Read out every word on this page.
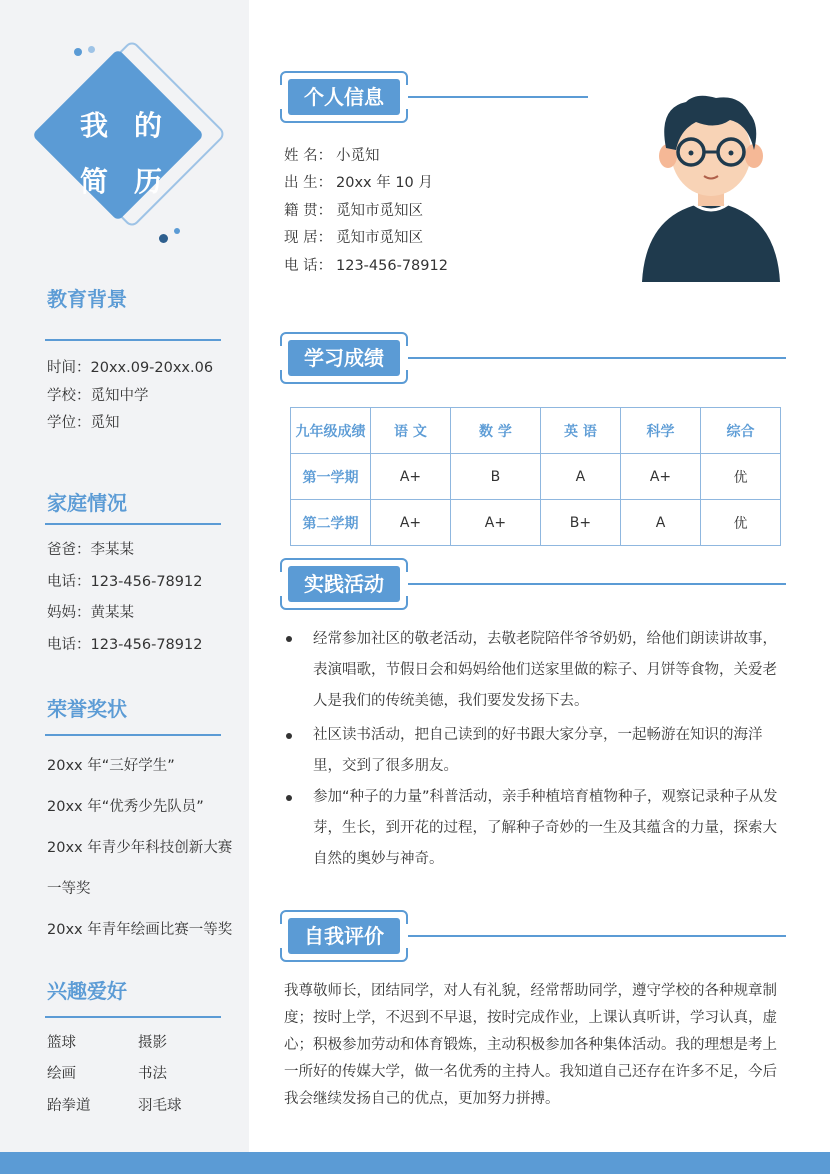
我 的
简 历
教育背景
时间：20xx.09-20xx.06
学校：觅知中学
学位：觅知
家庭情况
爸爸：李某某
电话：123-456-78912
妈妈：黄某某
电话：123-456-78912
荣誉奖状
20xx 年“三好学生”
20xx 年“优秀少先队员”
20xx 年青少年科技创新大赛
一等奖
20xx 年青年绘画比赛一等奖
兴趣爱好
篮球	摄影
绘画	书法
跆拳道	羽毛球
个人信息
姓 名： 小觅知
出 生： 20xx 年 10 月
籍 贯： 觅知市觅知区
现 居： 觅知市觅知区
电 话： 123-456-78912
学习成绩
九年级成绩	语 文	数 学	英 语	科学	综合
第一学期	A+	B	A	A+	优
第二学期	A+	A+	B+	A	优
实践活动
经常参加社区的敬老活动，去敬老院陪伴爷爷奶奶，给他们朗读讲故事，表演唱歌，节假日会和妈妈给他们送家里做的粽子、月饼等食物，关爱老人是我们的传统美德，我们要发发扬下去。
社区读书活动，把自己读到的好书跟大家分享，一起畅游在知识的海洋里，交到了很多朋友。
参加“种子的力量”科普活动，亲手种植培育植物种子，观察记录种子从发芽，生长，到开花的过程，了解种子奇妙的一生及其蕴含的力量，探索大自然的奥妙与神奇。
自我评价
我尊敬师长，团结同学，对人有礼貌，经常帮助同学，遵守学校的各种规章制度；按时上学，不迟到不早退，按时完成作业，上课认真听讲，学习认真，虚心；积极参加劳动和体育锻炼，主动积极参加各种集体活动。我的理想是考上一所好的传媒大学，做一名优秀的主持人。我知道自己还存在许多不足，今后我会继续发扬自己的优点，更加努力拼搏。
